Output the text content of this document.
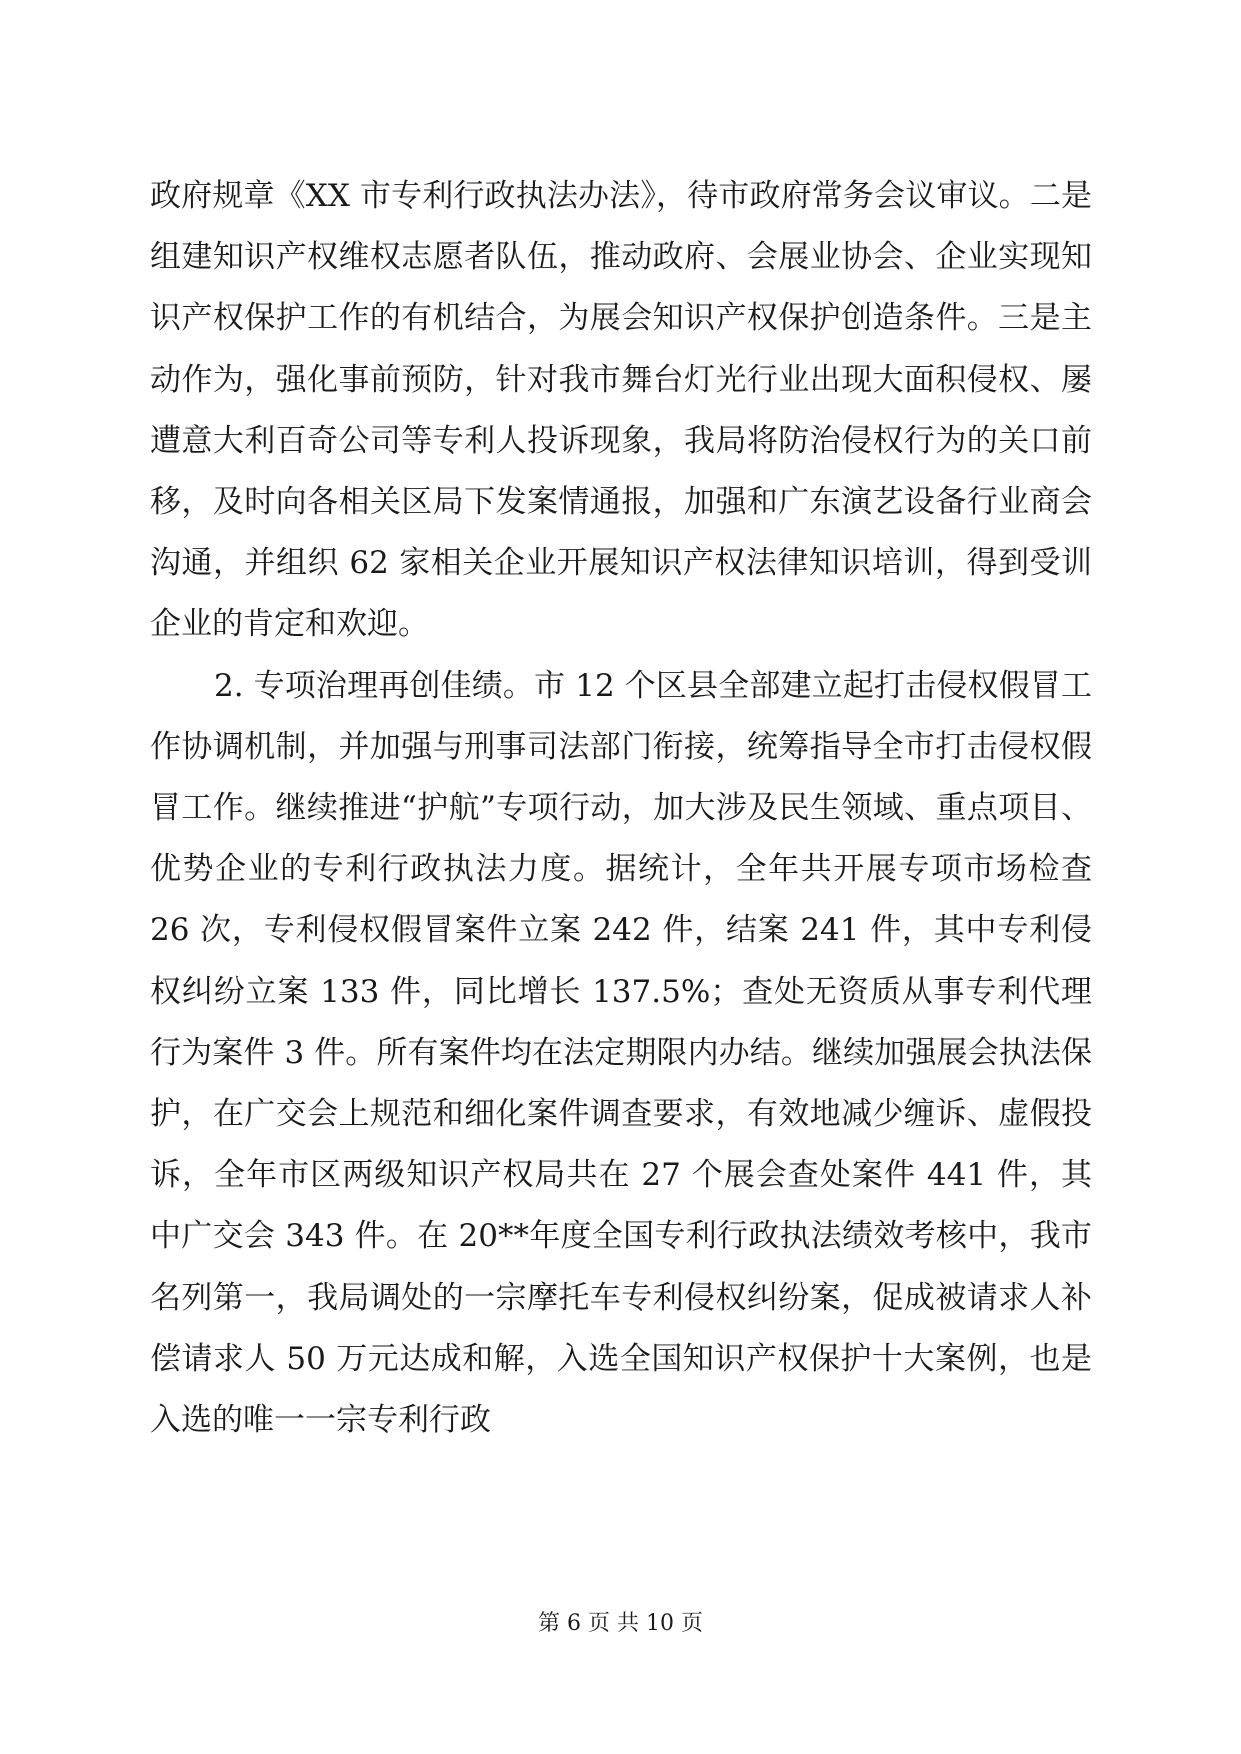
政府规章《XX 市专利行政执法办法》，待市政府常务会议审议。二是组建知识产权维权志愿者队伍，推动政府、会展业协会、企业实现知识产权保护工作的有机结合，为展会知识产权保护创造条件。三是主动作为，强化事前预防，针对我市舞台灯光行业出现大面积侵权、屡遭意大利百奇公司等专利人投诉现象，我局将防治侵权行为的关口前移，及时向各相关区局下发案情通报，加强和广东演艺设备行业商会沟通，并组织 62 家相关企业开展知识产权法律知识培训，得到受训企业的肯定和欢迎。

2. 专项治理再创佳绩。市 12 个区县全部建立起打击侵权假冒工作协调机制，并加强与刑事司法部门衔接，统筹指导全市打击侵权假冒工作。继续推进“护航”专项行动，加大涉及民生领域、重点项目、优势企业的专利行政执法力度。据统计，全年共开展专项市场检查 26 次，专利侵权假冒案件立案 242 件，结案 241 件，其中专利侵权纠纷立案 133 件，同比增长 137.5%；查处无资质从事专利代理行为案件 3 件。所有案件均在法定期限内办结。继续加强展会执法保护，在广交会上规范和细化案件调查要求，有效地减少缠诉、虚假投诉，全年市区两级知识产权局共在 27 个展会查处案件 441 件，其中广交会 343 件。在 20**年度全国专利行政执法绩效考核中，我市名列第一，我局调处的一宗摩托车专利侵权纠纷案，促成被请求人补偿请求人 50 万元达成和解，入选全国知识产权保护十大案例，也是入选的唯一一宗专利行政

第 6 页 共 10 页
